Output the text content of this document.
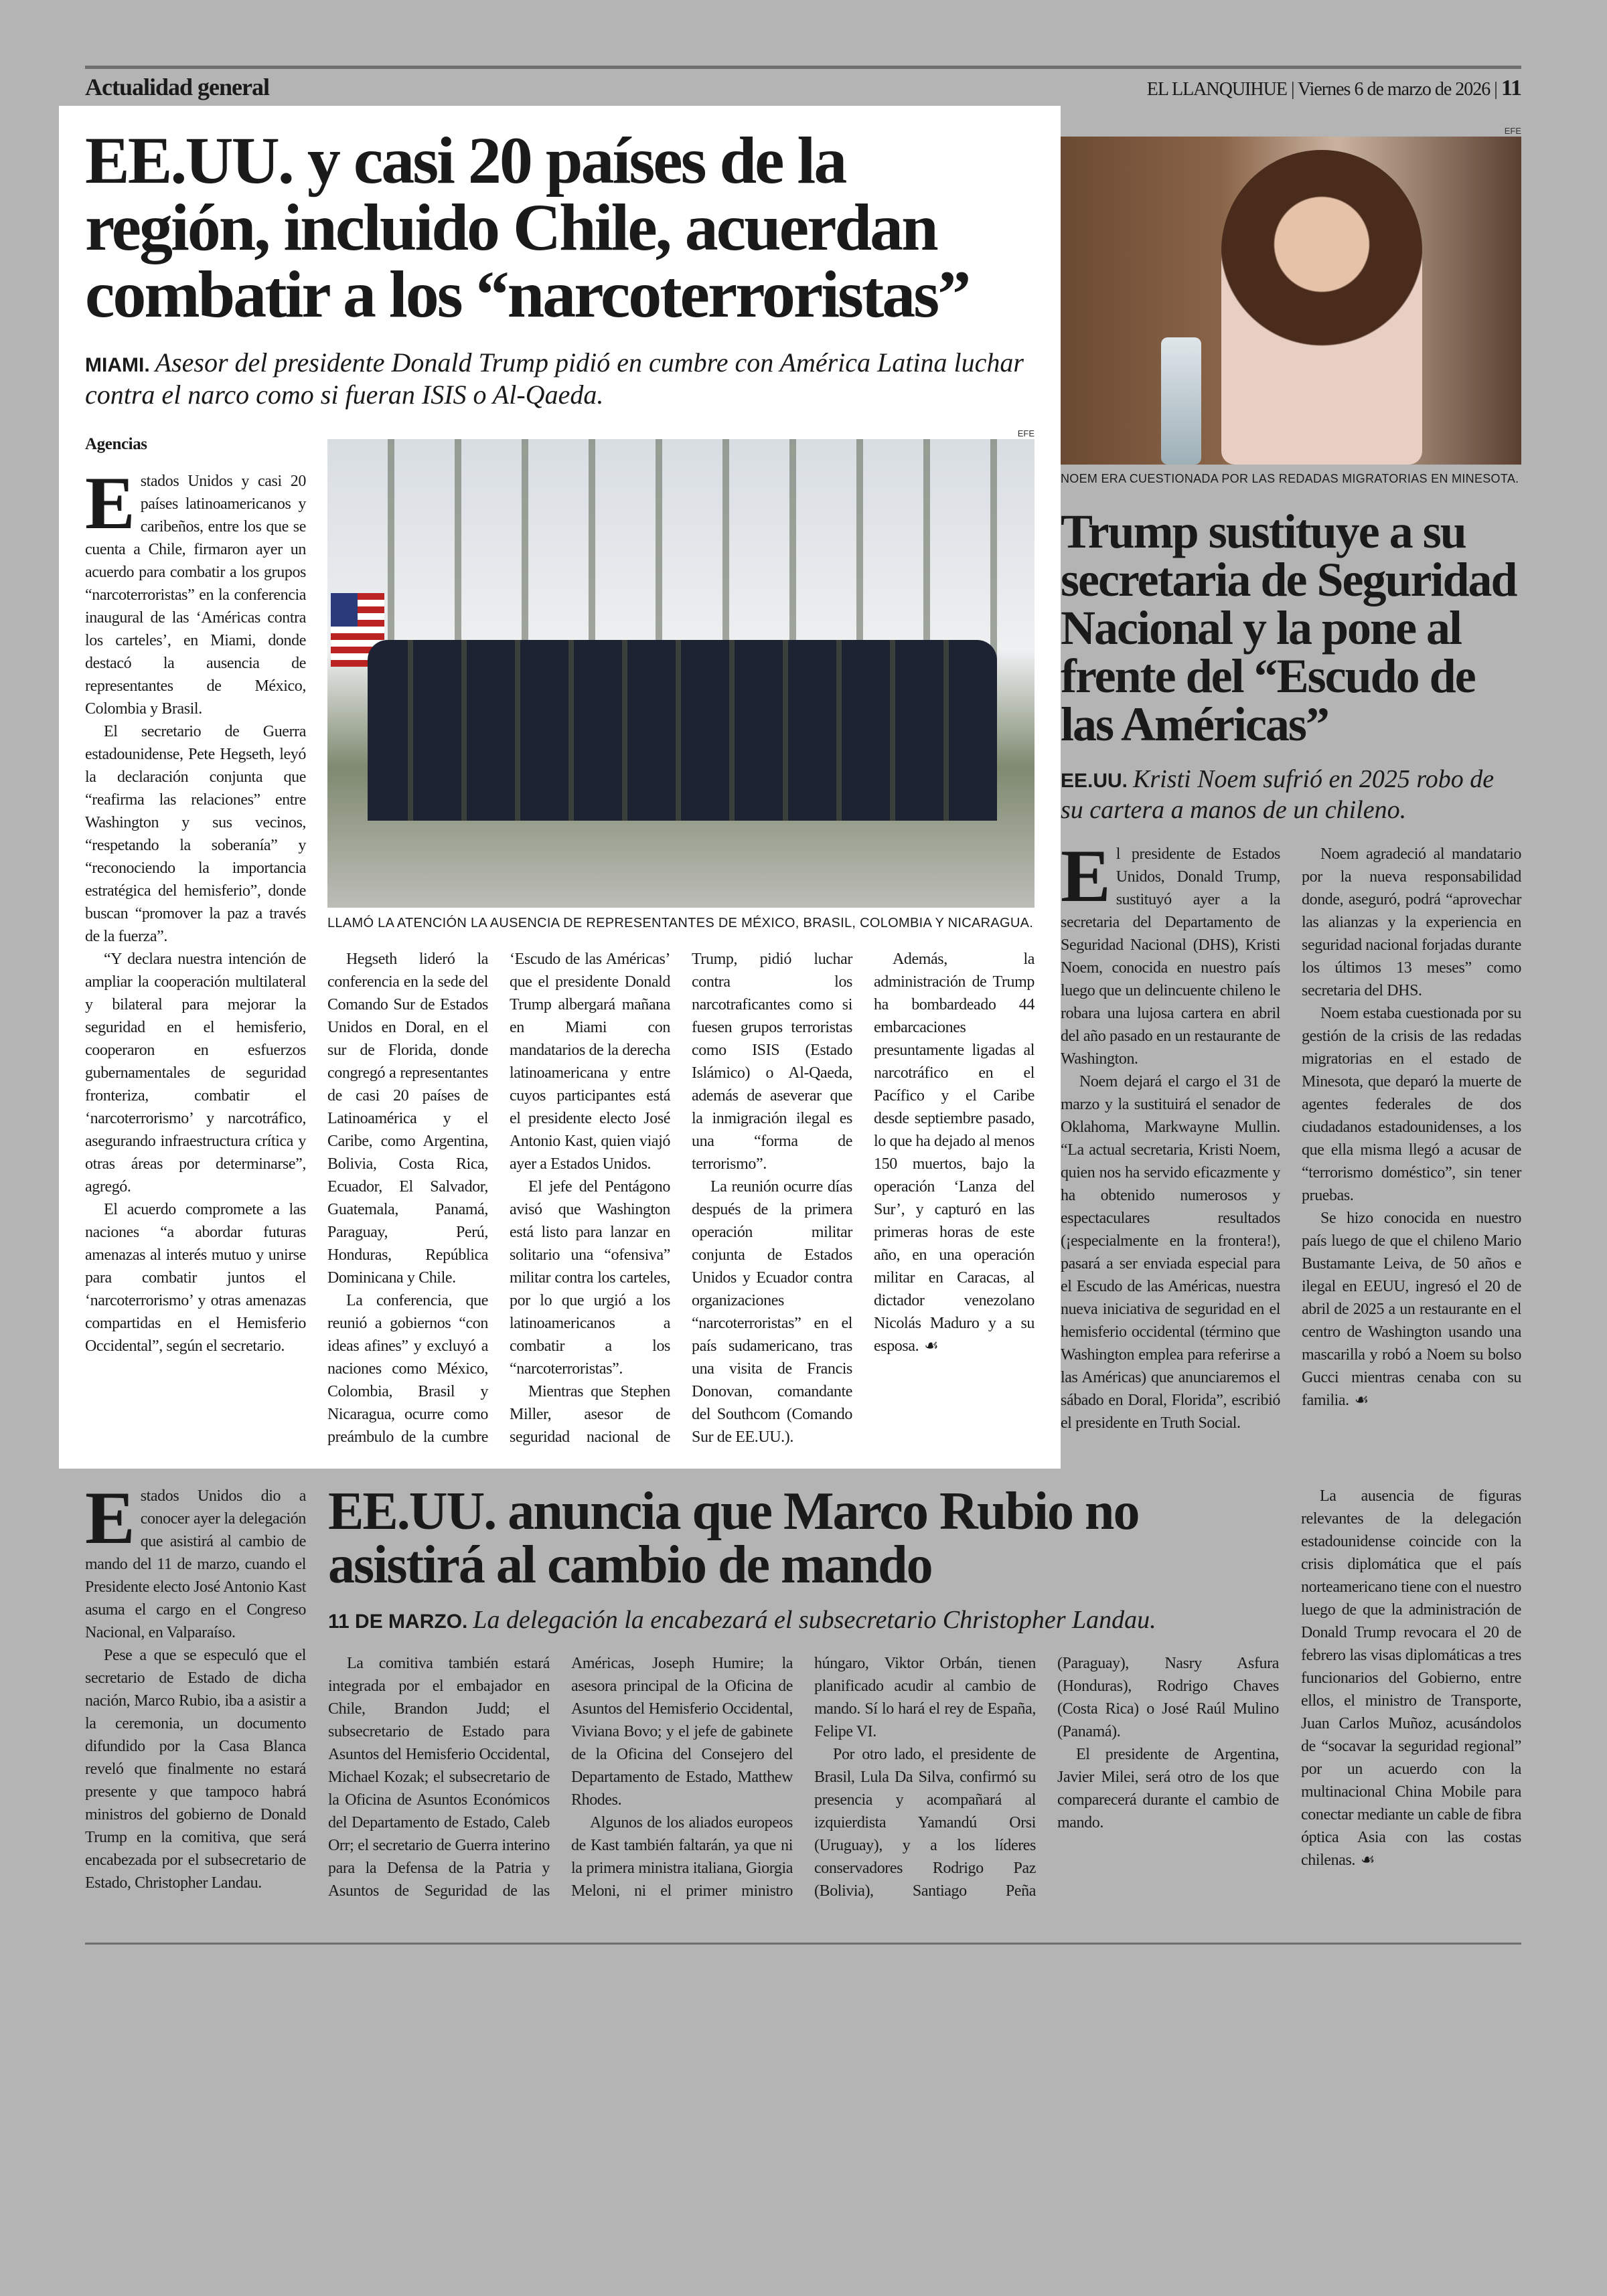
Actualidad general	EL LLANQUIHUE | Viernes 6 de marzo de 2026 | 11
EE.UU. y casi 20 países de la región, incluido Chile, acuerdan combatir a los “narcoterroristas”
MIAMI. Asesor del presidente Donald Trump pidió en cumbre con América Latina luchar contra el narco como si fueran ISIS o Al-Qaeda.
Agencias

Estados Unidos y casi 20 países latinoamericanos y caribeños, entre los que se cuenta a Chile, firmaron ayer un acuerdo para combatir a los grupos “narcoterroristas” en la conferencia inaugural de las ‘Américas contra los carteles’, en Miami, donde destacó la ausencia de representantes de México, Colombia y Brasil.

El secretario de Guerra estadounidense, Pete Hegseth, leyó la declaración conjunta que “reafirma las relaciones” entre Washington y sus vecinos, “respetando la soberanía” y “reconociendo la importancia estratégica del hemisferio”, donde buscan “promover la paz a través de la fuerza”.

“Y declara nuestra intención de ampliar la cooperación multilateral y bilateral para mejorar la seguridad en el hemisferio, cooperaron en esfuerzos gubernamentales de seguridad fronteriza, combatir el ‘narcoterrorismo’ y narcotráfico, asegurando infraestructura crítica y otras áreas por determinarse”, agregó.

El acuerdo compromete a las naciones “a abordar futuras amenazas al interés mutuo y unirse para combatir juntos el ‘narcoterrorismo’ y otras amenazas compartidas en el Hemisferio Occidental”, según el secretario.

EFE
LLAMÓ LA ATENCIÓN LA AUSENCIA DE REPRESENTANTES DE MÉXICO, BRASIL, COLOMBIA Y NICARAGUA.

Hegseth lideró la conferencia en la sede del Comando Sur de Estados Unidos en Doral, en el sur de Florida, donde congregó a representantes de casi 20 países de Latinoamérica y el Caribe, como Argentina, Bolivia, Costa Rica, Ecuador, El Salvador, Guatemala, Panamá, Paraguay, Perú, Honduras, República Dominicana y Chile.

La conferencia, que reunió a gobiernos “con ideas afines” y excluyó a naciones como México, Colombia, Brasil y Nicaragua, ocurre como preámbulo de la cumbre ‘Escudo de las Américas’ que el presidente Donald Trump albergará mañana en Miami con mandatarios de la derecha latinoamericana y entre cuyos participantes está el presidente electo José Antonio Kast, quien viajó ayer a Estados Unidos.

El jefe del Pentágono avisó que Washington está listo para lanzar en solitario una “ofensiva” militar contra los carteles, por lo que urgió a los latinoamericanos a combatir a los “narcoterroristas”.

Mientras que Stephen Miller, asesor de seguridad nacional de Trump, pidió luchar contra los narcotraficantes como si fuesen grupos terroristas como ISIS (Estado Islámico) o Al-Qaeda, además de aseverar que la inmigración ilegal es una “forma de terrorismo”.

La reunión ocurre días después de la primera operación militar conjunta de Estados Unidos y Ecuador contra organizaciones “narcoterroristas” en el país sudamericano, tras una visita de Francis Donovan, comandante del Southcom (Comando Sur de EE.UU.).

Además, la administración de Trump ha bombardeado 44 embarcaciones presuntamente ligadas al narcotráfico en el Pacífico y el Caribe desde septiembre pasado, lo que ha dejado al menos 150 muertos, bajo la operación ‘Lanza del Sur’, y capturó en las primeras horas de este año, en una operación militar en Caracas, al dictador venezolano Nicolás Maduro y a su esposa. ☙

EFE
NOEM ERA CUESTIONADA POR LAS REDADAS MIGRATORIAS EN MINESOTA.
Trump sustituye a su secretaria de Seguridad Nacional y la pone al frente del “Escudo de las Américas”
EE.UU. Kristi Noem sufrió en 2025 robo de su cartera a manos de un chileno.

El presidente de Estados Unidos, Donald Trump, sustituyó ayer a la secretaria del Departamento de Seguridad Nacional (DHS), Kristi Noem, conocida en nuestro país luego que un delincuente chileno le robara una lujosa cartera en abril del año pasado en un restaurante de Washington.

Noem dejará el cargo el 31 de marzo y la sustituirá el senador de Oklahoma, Markwayne Mullin. “La actual secretaria, Kristi Noem, quien nos ha servido eficazmente y ha obtenido numerosos y espectaculares resultados (¡especialmente en la frontera!), pasará a ser enviada especial para el Escudo de las Américas, nuestra nueva iniciativa de seguridad en el hemisferio occidental (término que Washington emplea para referirse a las Américas) que anunciaremos el sábado en Doral, Florida”, escribió el presidente en Truth Social.

Noem agradeció al mandatario por la nueva responsabilidad donde, aseguró, podrá “aprovechar las alianzas y la experiencia en seguridad nacional forjadas durante los últimos 13 meses” como secretaria del DHS.

Noem estaba cuestionada por su gestión de la crisis de las redadas migratorias en el estado de Minesota, que deparó la muerte de agentes federales de dos ciudadanos estadounidenses, a los que ella misma llegó a acusar de “terrorismo doméstico”, sin tener pruebas.

Se hizo conocida en nuestro país luego de que el chileno Mario Bustamante Leiva, de 50 años e ilegal en EEUU, ingresó el 20 de abril de 2025 a un restaurante en el centro de Washington usando una mascarilla y robó a Noem su bolso Gucci mientras cenaba con su familia. ☙

Estados Unidos dio a conocer ayer la delegación que asistirá al cambio de mando del 11 de marzo, cuando el Presidente electo José Antonio Kast asuma el cargo en el Congreso Nacional, en Valparaíso.

Pese a que se especuló que el secretario de Estado de dicha nación, Marco Rubio, iba a asistir a la ceremonia, un documento difundido por la Casa Blanca reveló que finalmente no estará presente y que tampoco habrá ministros del gobierno de Donald Trump en la comitiva, que será encabezada por el subsecretario de Estado, Christopher Landau.

EE.UU. anuncia que Marco Rubio no asistirá al cambio de mando
11 DE MARZO. La delegación la encabezará el subsecretario Christopher Landau.

La comitiva también estará integrada por el embajador en Chile, Brandon Judd; el subsecretario de Estado para Asuntos del Hemisferio Occidental, Michael Kozak; el subsecretario de la Oficina de Asuntos Económicos del Departamento de Estado, Caleb Orr; el secretario de Guerra interino para la Defensa de la Patria y Asuntos de Seguridad de las Américas, Joseph Humire; la asesora principal de la Oficina de Asuntos del Hemisferio Occidental, Viviana Bovo; y el jefe de gabinete de la Oficina del Consejero del Departamento de Estado, Matthew Rhodes.

Algunos de los aliados europeos de Kast también faltarán, ya que ni la primera ministra italiana, Giorgia Meloni, ni el primer ministro húngaro, Viktor Orbán, tienen planificado acudir al cambio de mando. Sí lo hará el rey de España, Felipe VI.

Por otro lado, el presidente de Brasil, Lula Da Silva, confirmó su presencia y acompañará al izquierdista Yamandú Orsi (Uruguay), y a los líderes conservadores Rodrigo Paz (Bolivia), Santiago Peña (Paraguay), Nasry Asfura (Honduras), Rodrigo Chaves (Costa Rica) o José Raúl Mulino (Panamá).

El presidente de Argentina, Javier Milei, será otro de los que comparecerá durante el cambio de mando.

La ausencia de figuras relevantes de la delegación estadounidense coincide con la crisis diplomática que el país norteamericano tiene con el nuestro luego de que la administración de Donald Trump revocara el 20 de febrero las visas diplomáticas a tres funcionarios del Gobierno, entre ellos, el ministro de Transporte, Juan Carlos Muñoz, acusándolos de “socavar la seguridad regional” por un acuerdo con la multinacional China Mobile para conectar mediante un cable de fibra óptica Asia con las costas chilenas. ☙
